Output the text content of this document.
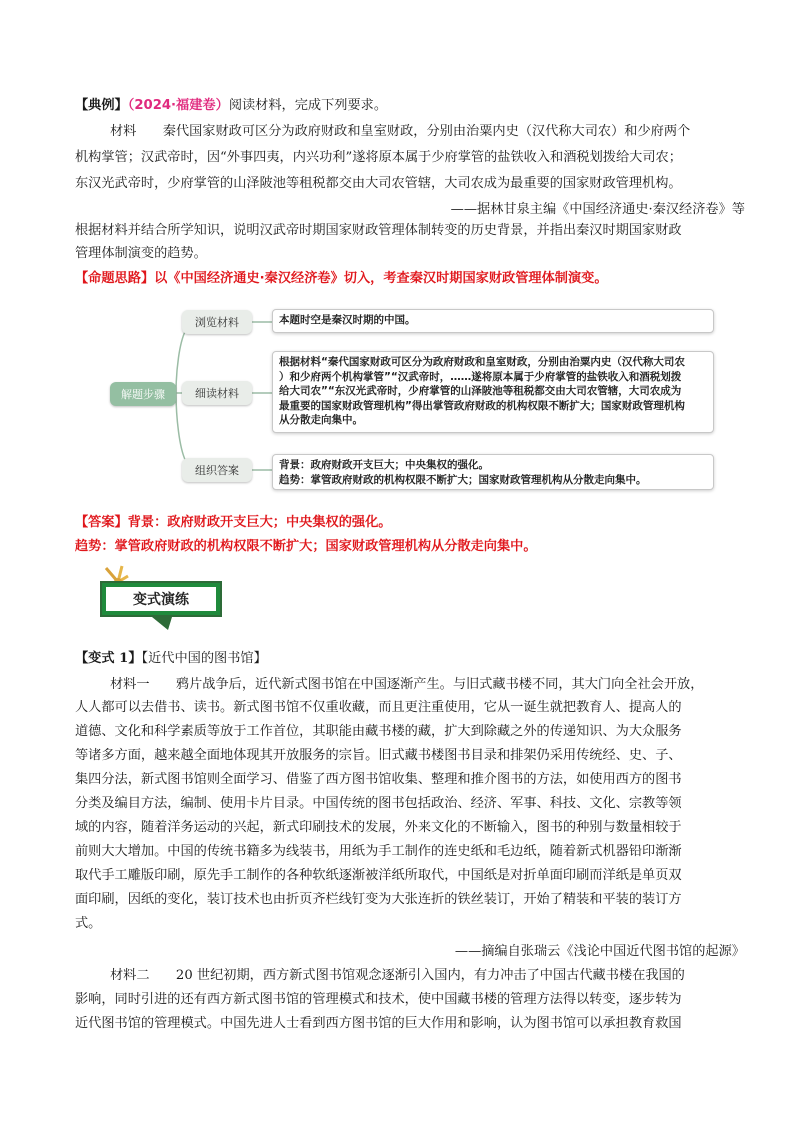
【典例】（2024·福建卷）阅读材料，完成下列要求。
材料　　秦代国家财政可区分为政府财政和皇室财政，分别由治粟内史（汉代称大司农）和少府两个
机构掌管；汉武帝时，因“外事四夷，内兴功利”遂将原本属于少府掌管的盐铁收入和酒税划拨给大司农；
东汉光武帝时，少府掌管的山泽陂池等租税都交由大司农管辖，大司农成为最重要的国家财政管理机构。
——据林甘泉主编《中国经济通史·秦汉经济卷》等
根据材料并结合所学知识，说明汉武帝时期国家财政管理体制转变的历史背景，并指出秦汉时期国家财政
管理体制演变的趋势。
【命题思路】以《中国经济通史·秦汉经济卷》切入，考查秦汉时期国家财政管理体制演变。
解题步骤
浏览材料
细读材料
组织答案
本题时空是秦汉时期的中国。
根据材料“秦代国家财政可区分为政府财政和皇室财政，分别由治粟内史（汉代称大司农
）和少府两个机构掌管”“汉武帝时，……遂将原本属于少府掌管的盐铁收入和酒税划拨
给大司农”“东汉光武帝时，少府掌管的山泽陂池等租税都交由大司农管辖，大司农成为
最重要的国家财政管理机构”得出掌管政府财政的机构权限不断扩大；国家财政管理机构
从分散走向集中。
背景：政府财政开支巨大；中央集权的强化。
趋势：掌管政府财政的机构权限不断扩大；国家财政管理机构从分散走向集中。
【答案】背景：政府财政开支巨大；中央集权的强化。
趋势：掌管政府财政的机构权限不断扩大；国家财政管理机构从分散走向集中。
变式演练
【变式 1】【近代中国的图书馆】
材料一　　鸦片战争后，近代新式图书馆在中国逐渐产生。与旧式藏书楼不同，其大门向全社会开放，
人人都可以去借书、读书。新式图书馆不仅重收藏，而且更注重使用，它从一诞生就把教育人、提高人的
道德、文化和科学素质等放于工作首位，其职能由藏书楼的藏，扩大到除藏之外的传递知识、为大众服务
等诸多方面，越来越全面地体现其开放服务的宗旨。旧式藏书楼图书目录和排架仍采用传统经、史、子、
集四分法，新式图书馆则全面学习、借鉴了西方图书馆收集、整理和推介图书的方法，如使用西方的图书
分类及编目方法，编制、使用卡片目录。中国传统的图书包括政治、经济、军事、科技、文化、宗教等领
域的内容，随着洋务运动的兴起，新式印刷技术的发展，外来文化的不断输入，图书的种别与数量相较于
前则大大增加。中国的传统书籍多为线装书，用纸为手工制作的连史纸和毛边纸，随着新式机器铅印渐渐
取代手工雕版印刷，原先手工制作的各种软纸逐渐被洋纸所取代，中国纸是对折单面印刷而洋纸是单页双
面印刷，因纸的变化，装订技术也由折页齐栏线钉变为大张连折的铁丝装订，开始了精装和平装的装订方
式。
——摘编自张瑞云《浅论中国近代图书馆的起源》
材料二　　20 世纪初期，西方新式图书馆观念逐渐引入国内，有力冲击了中国古代藏书楼在我国的
影响，同时引进的还有西方新式图书馆的管理模式和技术，使中国藏书楼的管理方法得以转变，逐步转为
近代图书馆的管理模式。中国先进人士看到西方图书馆的巨大作用和影响，认为图书馆可以承担教育救国
